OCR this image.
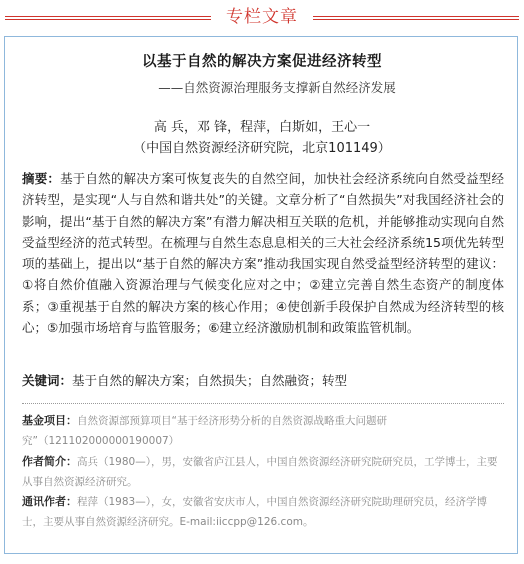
专栏文章
以基于自然的解决方案促进经济转型
——自然资源治理服务支撑新自然经济发展
高 兵，邓 锋，程萍，白斯如，王心一
（中国自然资源经济研究院，北京101149）

摘要：基于自然的解决方案可恢复丧失的自然空间，加快社会经济系统向自然受益型经济转型，是实现“人与自然和谐共处”的关键。文章分析了“自然损失”对我国经济社会的影响，提出“基于自然的解决方案”有潜力解决相互关联的危机，并能够推动实现向自然受益型经济的范式转型。在梳理与自然生态息息相关的三大社会经济系统15项优先转型项的基础上，提出以“基于自然的解决方案”推动我国实现自然受益型经济转型的建议：①将自然价值融入资源治理与气候变化应对之中；②建立完善自然生态资产的制度体系；③重视基于自然的解决方案的核心作用；④使创新手段保护自然成为经济转型的核心；⑤加强市场培育与监管服务；⑥建立经济激励机制和政策监管机制。

关键词：基于自然的解决方案；自然损失；自然融资；转型

基金项目：自然资源部预算项目“基于经济形势分析的自然资源战略重大问题研究”（121102000000190007）

作者简介：高兵（1980—），男，安徽省庐江县人，中国自然资源经济研究院研究员，工学博士，主要从事自然资源经济研究。

通讯作者：程萍（1983—），女，安徽省安庆市人，中国自然资源经济研究院助理研究员，经济学博士，主要从事自然资源经济研究。E-mail:iiccpp@126.com。
